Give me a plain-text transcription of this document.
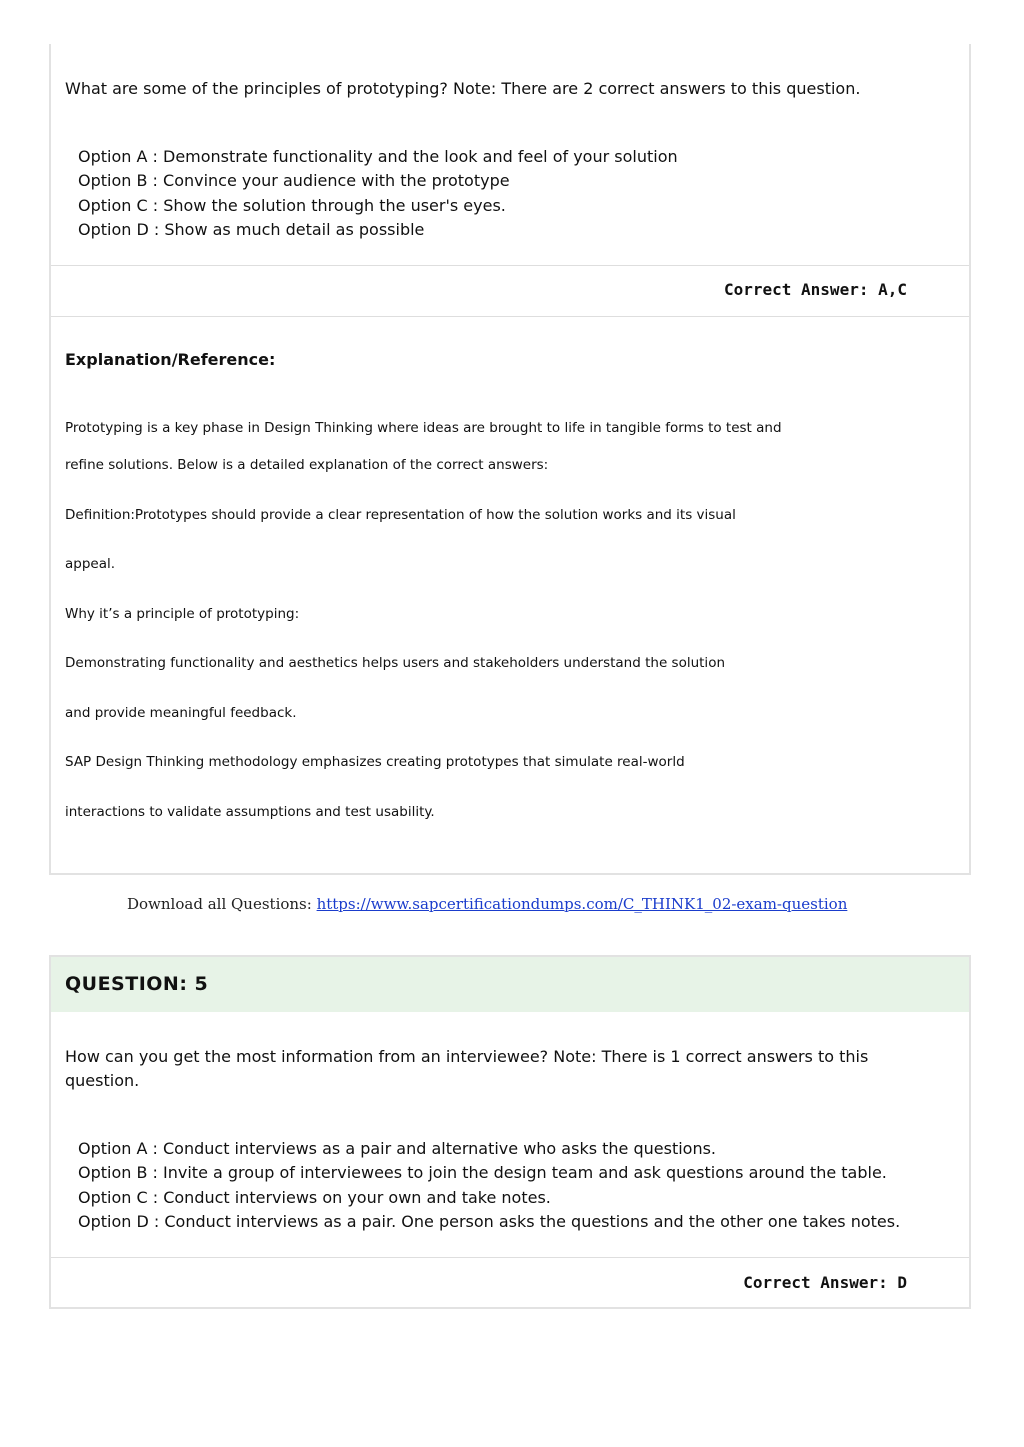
What are some of the principles of prototyping? Note: There are 2 correct answers to this question.

Option A : Demonstrate functionality and the look and feel of your solution
Option B : Convince your audience with the prototype
Option C : Show the solution through the user's eyes.
Option D : Show as much detail as possible
Correct Answer: A,C

Explanation/Reference:

Prototyping is a key phase in Design Thinking where ideas are brought to life in tangible forms to test and

refine solutions. Below is a detailed explanation of the correct answers:

Definition:Prototypes should provide a clear representation of how the solution works and its visual

appeal.

Why it’s a principle of prototyping:

Demonstrating functionality and aesthetics helps users and stakeholders understand the solution

and provide meaningful feedback.

SAP Design Thinking methodology emphasizes creating prototypes that simulate real-world

interactions to validate assumptions and test usability.

Download all Questions: https://www.sapcertificationdumps.com/C_THINK1_02-exam-question
QUESTION: 5

How can you get the most information from an interviewee? Note: There is 1 correct answers to this question.

Option A : Conduct interviews as a pair and alternative who asks the questions.
Option B : Invite a group of interviewees to join the design team and ask questions around the table.
Option C : Conduct interviews on your own and take notes.
Option D : Conduct interviews as a pair. One person asks the questions and the other one takes notes.
Correct Answer: D
